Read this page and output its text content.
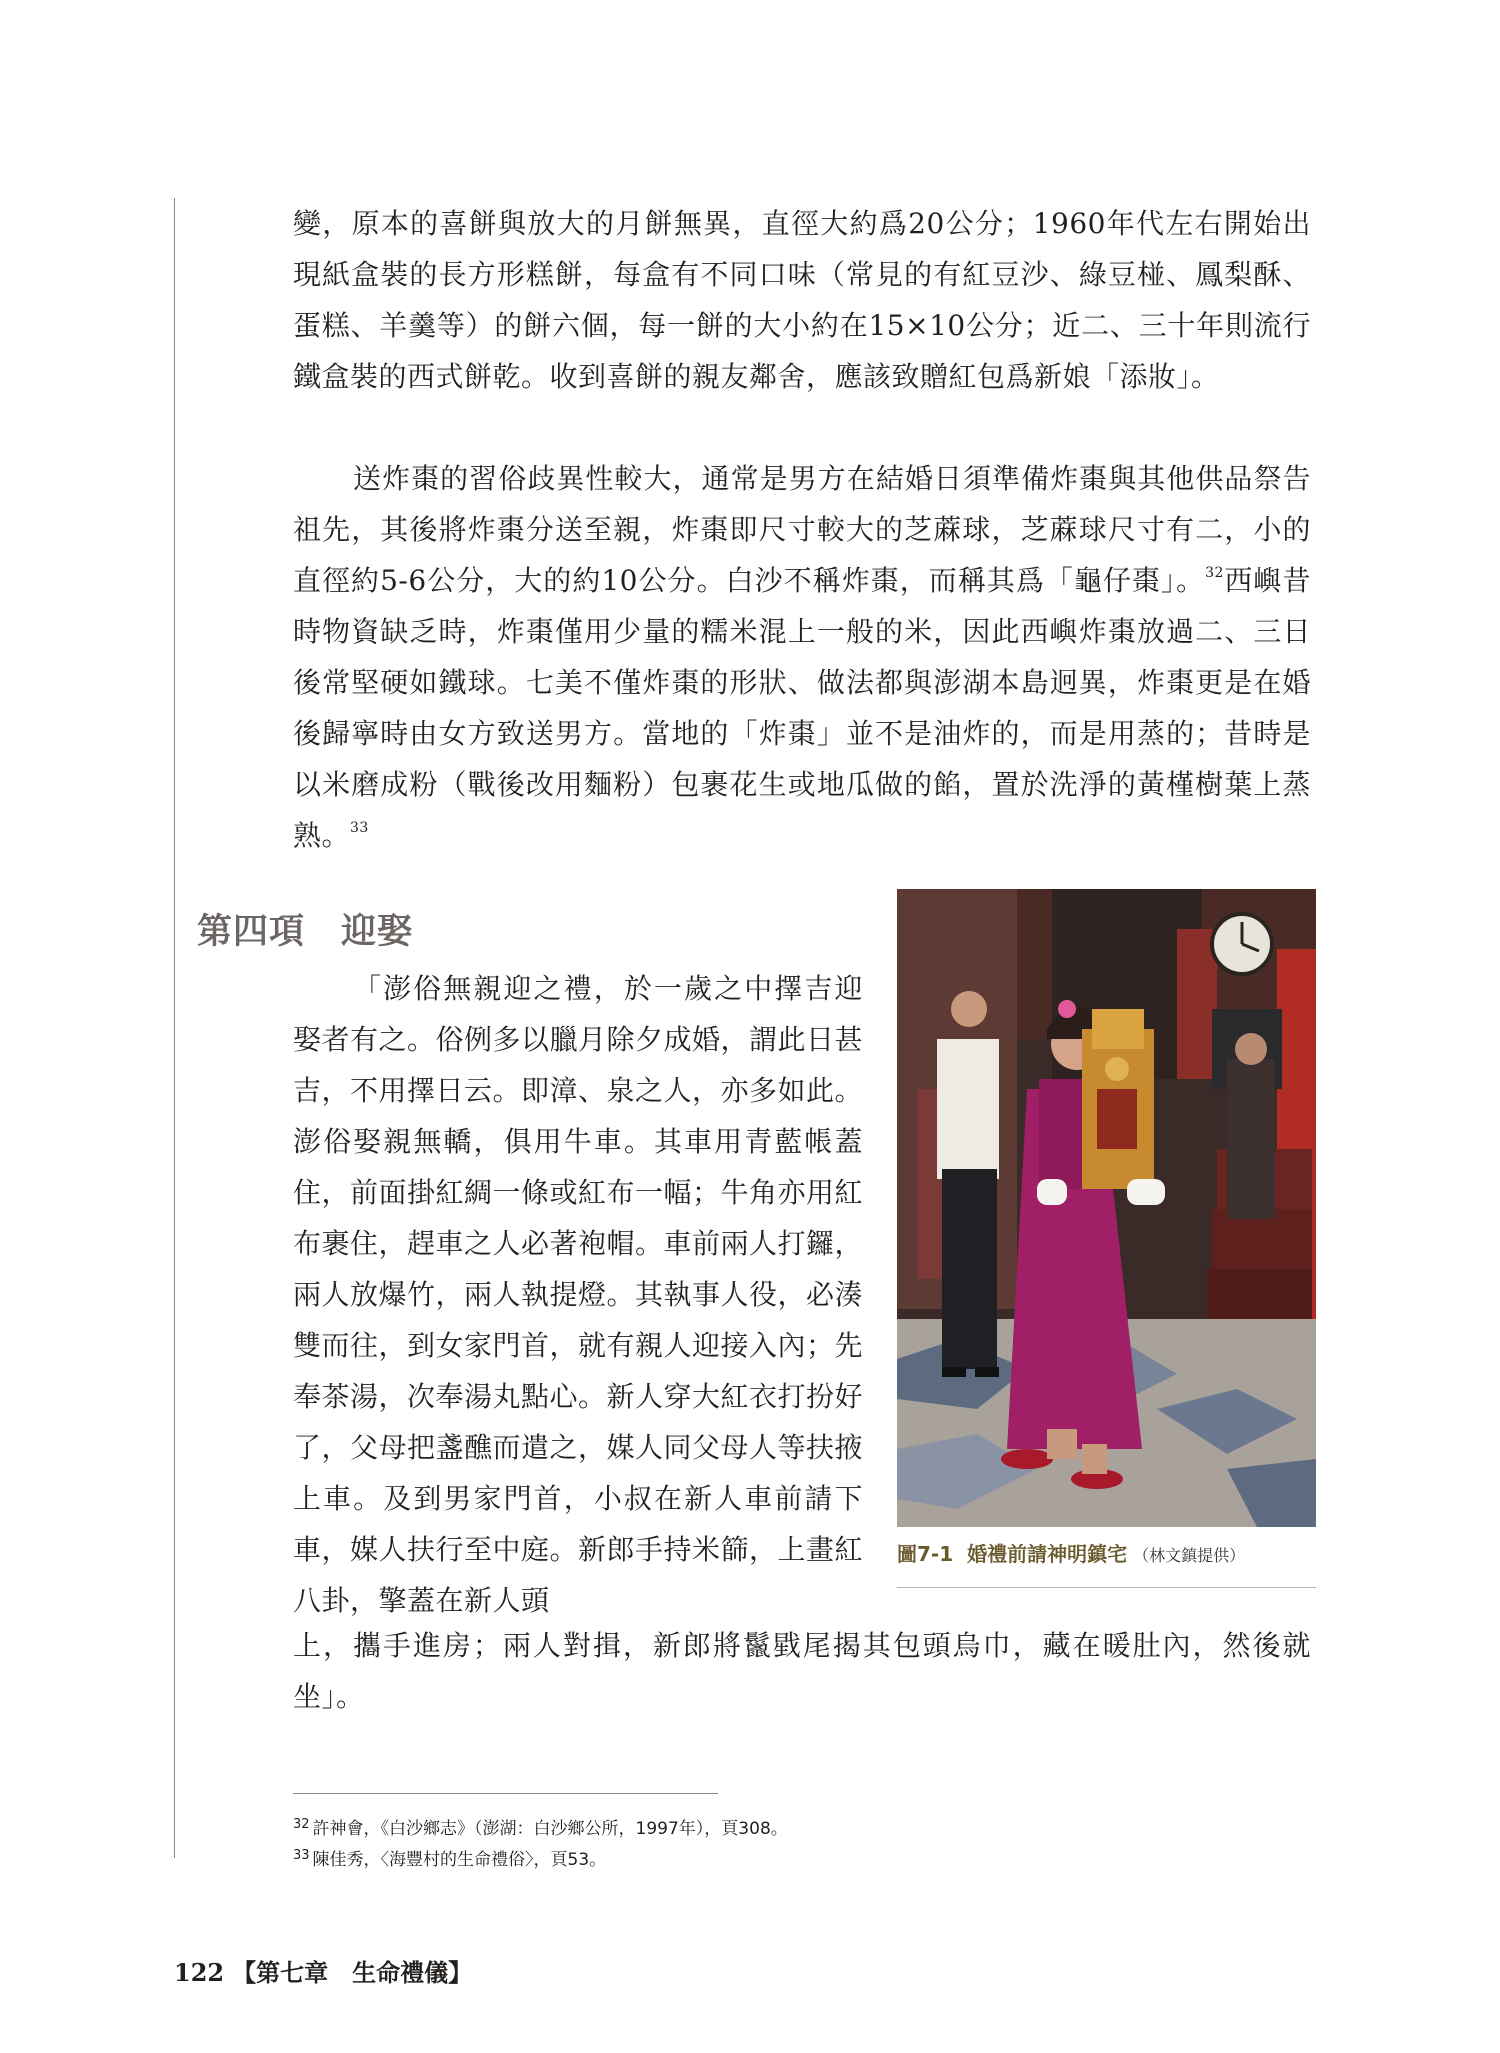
變，原本的喜餅與放大的月餅無異，直徑大約爲20公分；1960年代左右開始出現紙盒裝的長方形糕餅，每盒有不同口味（常見的有紅豆沙、綠豆椪、鳳梨酥、蛋糕、羊羹等）的餅六個，每一餅的大小約在15×10公分；近二、三十年則流行鐵盒裝的西式餅乾。收到喜餅的親友鄰舍，應該致贈紅包爲新娘「添妝」。

送炸棗的習俗歧異性較大，通常是男方在結婚日須準備炸棗與其他供品祭告祖先，其後將炸棗分送至親，炸棗即尺寸較大的芝蔴球，芝蔴球尺寸有二，小的直徑約5-6公分，大的約10公分。白沙不稱炸棗，而稱其爲「龜仔棗」。$^{32}$西嶼昔時物資缺乏時，炸棗僅用少量的糯米混上一般的米，因此西嶼炸棗放過二、三日後常堅硬如鐵球。七美不僅炸棗的形狀、做法都與澎湖本島迥異，炸棗更是在婚後歸寧時由女方致送男方。當地的「炸棗」並不是油炸的，而是用蒸的；昔時是以米磨成粉（戰後改用麵粉）包裹花生或地瓜做的餡，置於洗淨的黃槿樹葉上蒸熟。$^{33}$

第四項 迎娶
圖7-1 婚禮前請神明鎮宅 （林文鎮提供）

「澎俗無親迎之禮，於一歲之中擇吉迎娶者有之。俗例多以臘月除夕成婚，謂此日甚吉，不用擇日云。即漳、泉之人，亦多如此。澎俗娶親無轎，俱用牛車。其車用青藍帳蓋住，前面掛紅綢一條或紅布一幅；牛角亦用紅布裹住，趕車之人必著袍帽。車前兩人打鑼，兩人放爆竹，兩人執提燈。其執事人役，必湊雙而往，到女家門首，就有親人迎接入內；先奉茶湯，次奉湯丸點心。新人穿大紅衣打扮好了，父母把盞醮而遣之，媒人同父母人等扶掖上車。及到男家門首，小叔在新人車前請下車，媒人扶行至中庭。新郎手持米篩，上畫紅八卦，擎蓋在新人頭

上，攜手進房；兩人對揖，新郎將鬣戥尾揭其包頭烏巾，藏在暖肚內，然後就坐」。

$^{32}$ 許神會，《白沙鄉志》（澎湖：白沙鄉公所，1997年），頁308。

$^{33}$ 陳佳秀，〈海豐村的生命禮俗〉，頁53。

122 【第七章　生命禮儀】
